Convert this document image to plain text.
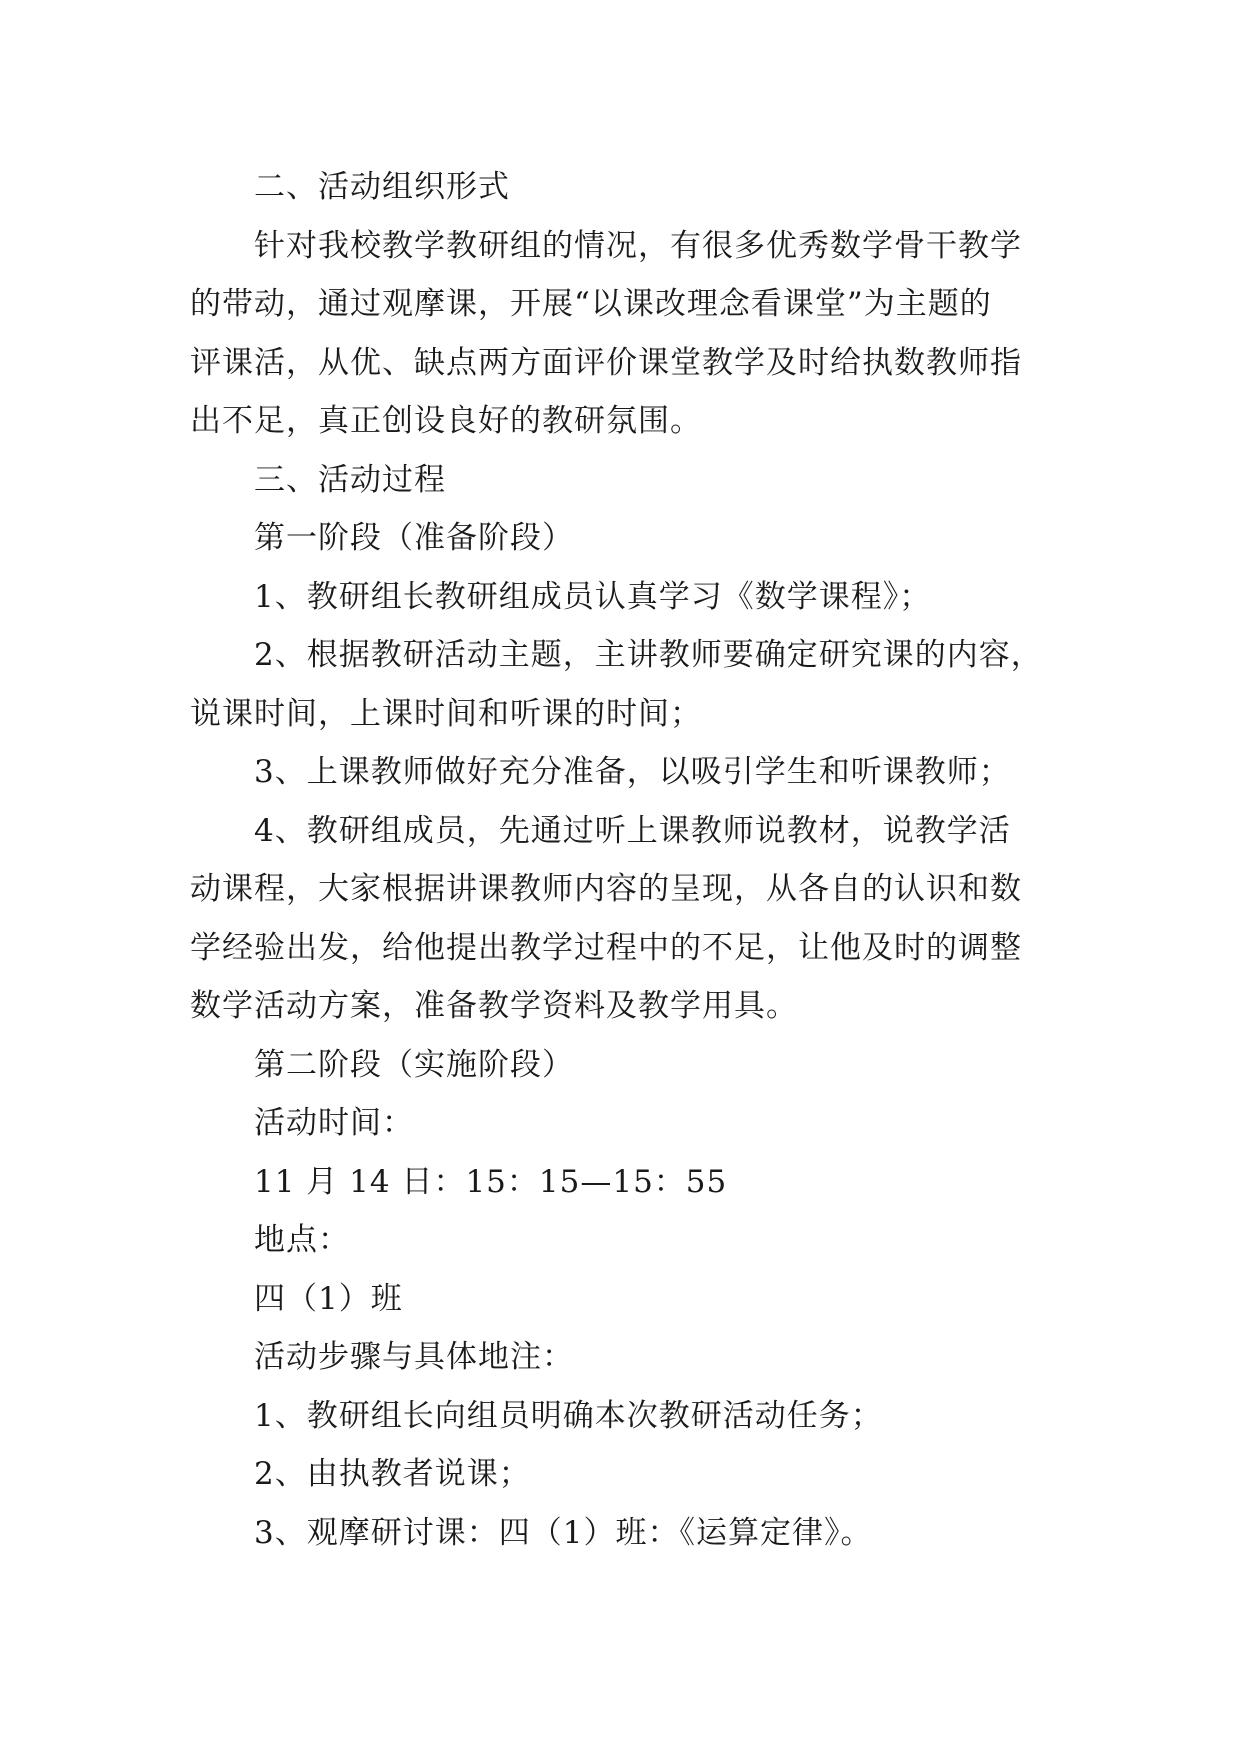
二、活动组织形式
针对我校教学教研组的情况，有很多优秀数学骨干教学
的带动，通过观摩课，开展“以课改理念看课堂”为主题的
评课活，从优、缺点两方面评价课堂教学及时给执数教师指
出不足，真正创设良好的教研氛围。
三、活动过程
第一阶段（准备阶段）
1、教研组长教研组成员认真学习《数学课程》；
2、根据教研活动主题，主讲教师要确定研究课的内容，
说课时间，上课时间和听课的时间；
3、上课教师做好充分准备，以吸引学生和听课教师；
4、教研组成员，先通过听上课教师说教材，说教学活
动课程，大家根据讲课教师内容的呈现，从各自的认识和数
学经验出发，给他提出教学过程中的不足，让他及时的调整
数学活动方案，准备教学资料及教学用具。
第二阶段（实施阶段）
活动时间：
11 月 14 日：15：15—15：55
地点：
四（1）班
活动步骤与具体地注：
1、教研组长向组员明确本次教研活动任务；
2、由执教者说课；
3、观摩研讨课：四（1）班：《运算定律》。
